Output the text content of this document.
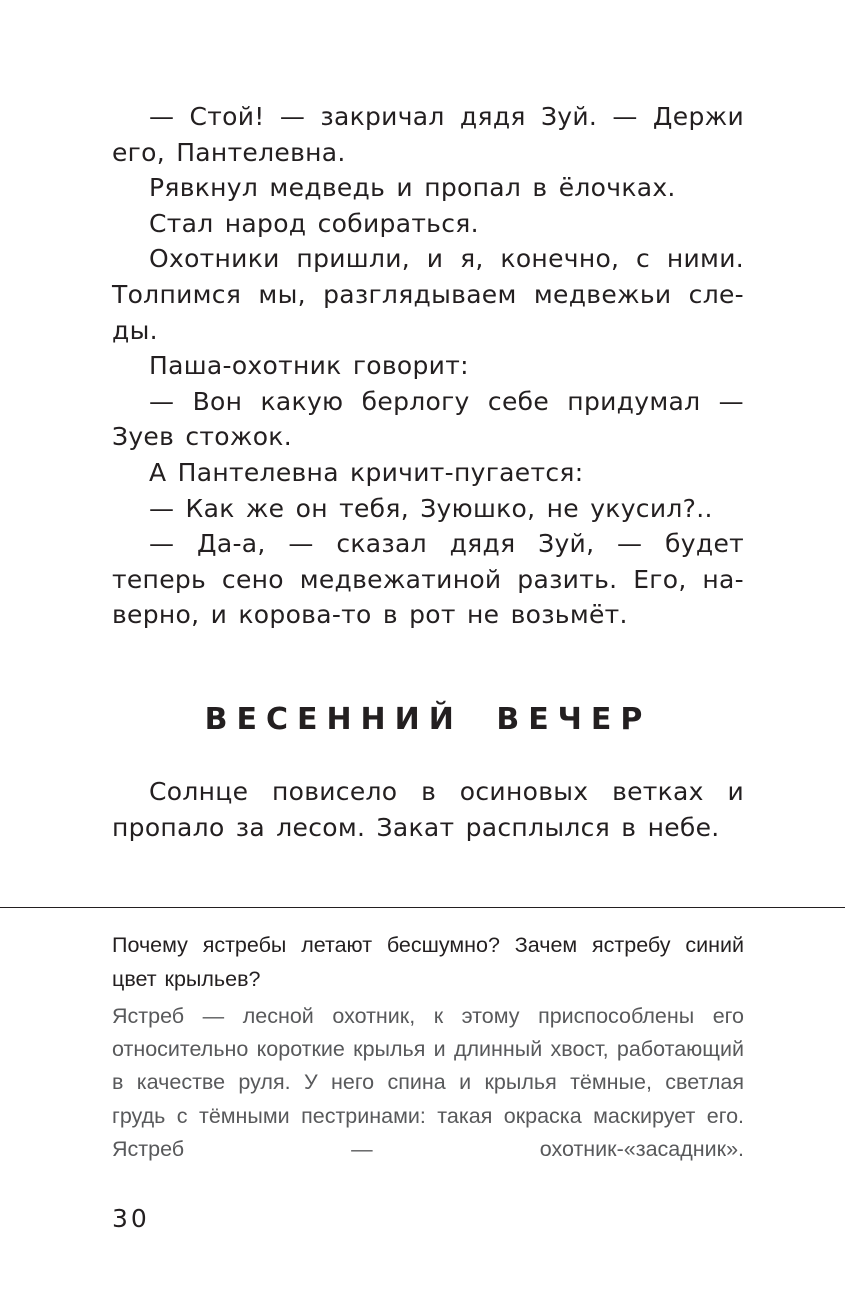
— Стой! — закричал дядя Зуй. — Держи его, Пантелевна.

Рявкнул медведь и пропал в ёлочках.

Стал народ собираться.

Охотники пришли, и я, конечно, с ними. Толпимся мы, разглядываем медвежьи сле-ды.

Паша-охотник говорит:

— Вон какую берлогу себе придумал — Зуев стожок.

А Пантелевна кричит-пугается:

— Как же он тебя, Зуюшко, не укусил?..

— Да-а, — сказал дядя Зуй, — будет теперь сено медвежатиной разить. Его, на-верно, и корова-то в рот не возьмёт.

ВЕСЕННИЙ ВЕЧЕР

Солнце повисело в осиновых ветках и пропало за лесом. Закат расплылся в небе.

Почему ястребы летают бесшумно? Зачем ястребу синий цвет крыльев?

Ястреб — лесной охотник, к этому приспособлены его относительно короткие крылья и длинный хвост, работающий в качестве руля. У него спина и крылья тёмные, светлая грудь с тёмными пестринами: такая окраска маскирует его. Ястреб — охотник-«засадник».

30
